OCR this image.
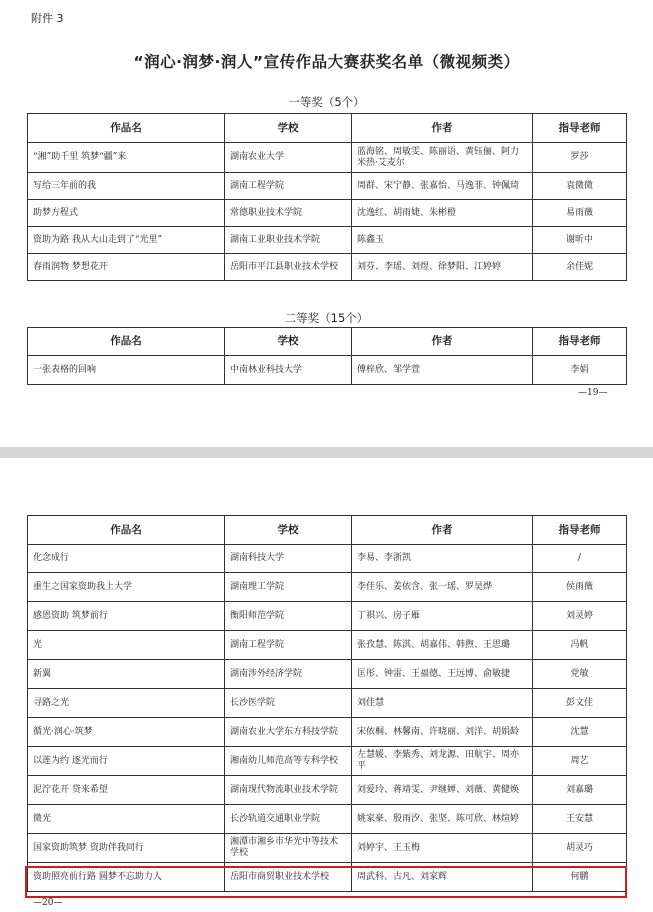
附件 3
“润心·润梦·润人”宣传作品大赛获奖名单（微视频类）
一等奖（5个）
作品名	学校	作者	指导老师
“湘”助千里 筑梦“疆”来	湖南农业大学	蓝海铭、周敏雯、陈丽语、黄钰俪、阿力米热·艾麦尔	罗莎
写给三年前的我	湖南工程学院	周群、宋宁静、张嘉怡、马逸菲、钟佩琦	袁微微
助梦方程式	常德职业技术学院	沈逸红、胡雨婕、朱彬橙	易雨薇
资助为路 我从大山走到了“光里”	湖南工业职业技术学院	陈鑫玉	谢昕中
春雨润物 梦想花开	岳阳市平江县职业技术学校	刘芬、李瑶、刘煜、徐梦阳、江婷婷	余佳妮
二等奖（15个）
作品名	学校	作者	指导老师
一张表格的回响	中南林业科技大学	傅梓欣、邹学萱	李娟
—19—
作品名	学校	作者	指导老师
化念成行	湖南科技大学	李易、李浙凯	/
重生之国家资助我上大学	湖南理工学院	李佳乐、姜依含、张一瑶、罗昊烨	侯雨薇
感恩资助 筑梦前行	衡阳师范学院	丁祺兴、房子雁	刘灵婷
光	湖南工程学院	张孜慧、陈淇、胡嘉伟、韩煦、王思璐	冯帆
新翼	湖南涉外经济学院	匡彤、钟雷、王福德、王远博、俞敏捷	党敏
寻路之光	长沙医学院	刘佳慧	彭文佳
循光·润心·筑梦	湖南农业大学东方科技学院	宋依桐、林馨南、许晓丽、刘洋、胡娟龄	沈慧
以莲为约 逐光而行	湘南幼儿师范高等专科学校	左慧媛、李紫秀、刘龙源、田航宇、周亦平	周艺
泥泞花开 贷来希望	湖南现代物流职业技术学院	刘爱玲、蒋靖雯、尹继婵、刘薇、黄健焕	刘嘉璐
微光	长沙轨道交通职业学院	姚家豪、殷雨汐、张坚、陈可欣、林煊婷	王安慧
国家资助筑梦 资助伴我同行	湘潭市湘乡市华光中等技术学校	刘婷宇、王玉梅	胡灵巧
资助照亮前行路 圆梦不忘助力人	岳阳市商贸职业技术学校	周武科、古凡、刘家辉	何鹏
—20—
